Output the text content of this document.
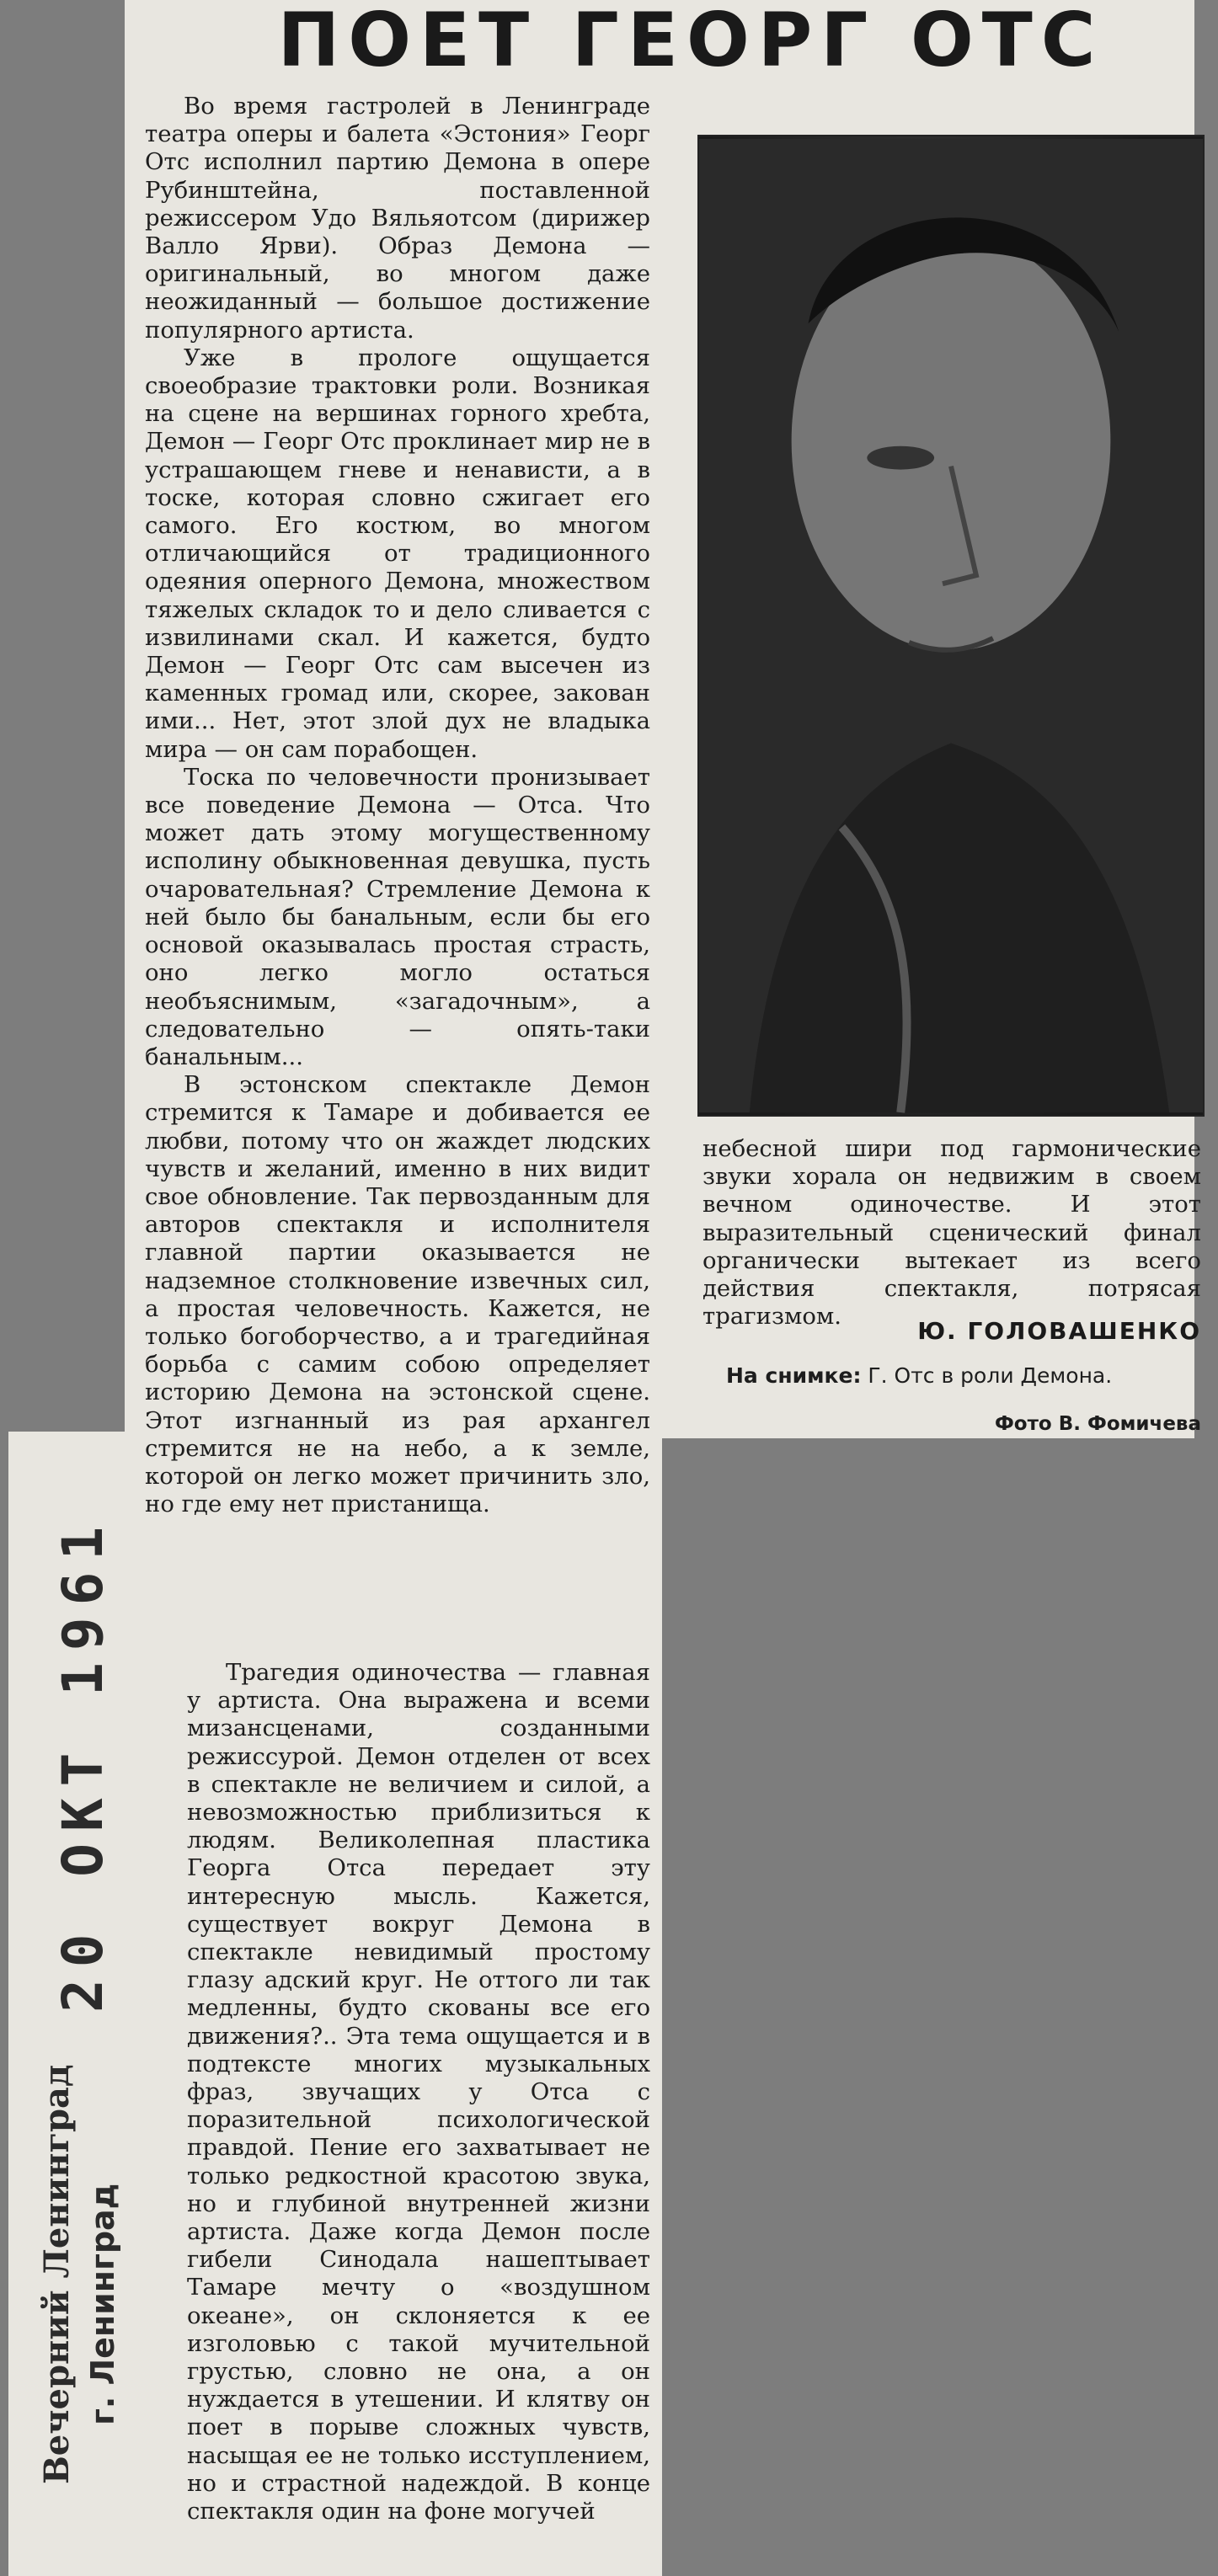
ПОЕТ ГЕОРГ ОТС

Во время гастролей в Ленинграде театра оперы и балета «Эстония» Георг Отс исполнил партию Демона в опере Рубинштейна, поставленной режиссером Удо Вяльяотсом (дирижер Валло Ярви). Образ Демона — оригинальный, во многом даже неожиданный — большое достижение популярного артиста.

Уже в прологе ощущается своеобразие трактовки роли. Возникая на сцене на вершинах горного хребта, Демон — Георг Отс проклинает мир не в устрашающем гневе и ненависти, а в тоске, которая словно сжигает его самого. Его костюм, во многом отличающийся от традиционного одеяния оперного Демона, множеством тяжелых складок то и дело сливается с извилинами скал. И кажется, будто Демон — Георг Отс сам высечен из каменных громад или, скорее, закован ими... Нет, этот злой дух не владыка мира — он сам порабощен.

Тоска по человечности пронизывает все поведение Демона — Отса. Что может дать этому могущественному исполину обыкновенная девушка, пусть очаровательная? Стремление Демона к ней было бы банальным, если бы его основой оказывалась простая страсть, оно легко могло остаться необъяснимым, «загадочным», а следовательно — опять-таки банальным...

В эстонском спектакле Демон стремится к Тамаре и добивается ее любви, потому что он жаждет людских чувств и желаний, именно в них видит свое обновление. Так первозданным для авторов спектакля и исполнителя главной партии оказывается не надземное столкновение извечных сил, а простая человечность. Кажется, не только богоборчество, а и трагедийная борьба с самим собою определяет историю Демона на эстонской сцене. Этот изгнанный из рая архангел стремится не на небо, а к земле, которой он легко может причинить зло, но где ему нет пристанища.

небесной шири под гармонические звуки хорала он недвижим в своем вечном одиночестве. И этот выразительный сценический финал органически вытекает из всего действия спектакля, потрясая трагизмом.

Ю. ГОЛОВАШЕНКО
На снимке: Г. Отс в роли Демона.
Фото В. Фомичева

Трагедия одиночества — главная у артиста. Она выражена и всеми мизансценами, созданными режиссурой. Демон отделен от всех в спектакле не величием и силой, а невозможностью приблизиться к людям. Великолепная пластика Георга Отса передает эту интересную мысль. Кажется, существует вокруг Демона в спектакле невидимый простому глазу адский круг. Не оттого ли так медленны, будто скованы все его движения?.. Эта тема ощущается и в подтексте многих музыкальных фраз, звучащих у Отса с поразительной психологической правдой. Пение его захватывает не только редкостной красотою звука, но и глубиной внутренней жизни артиста. Даже когда Демон после гибели Синодала нашептывает Тамаре мечту о «воздушном океане», он склоняется к ее изголовью с такой мучительной грустью, словно не она, а он нуждается в утешении. И клятву он поет в порыве сложных чувств, насыщая ее не только исступлением, но и страстной надеждой. В конце спектакля один на фоне могучей

20 ОКТ 1961
Вечерний Ленинград г. Ленинград
